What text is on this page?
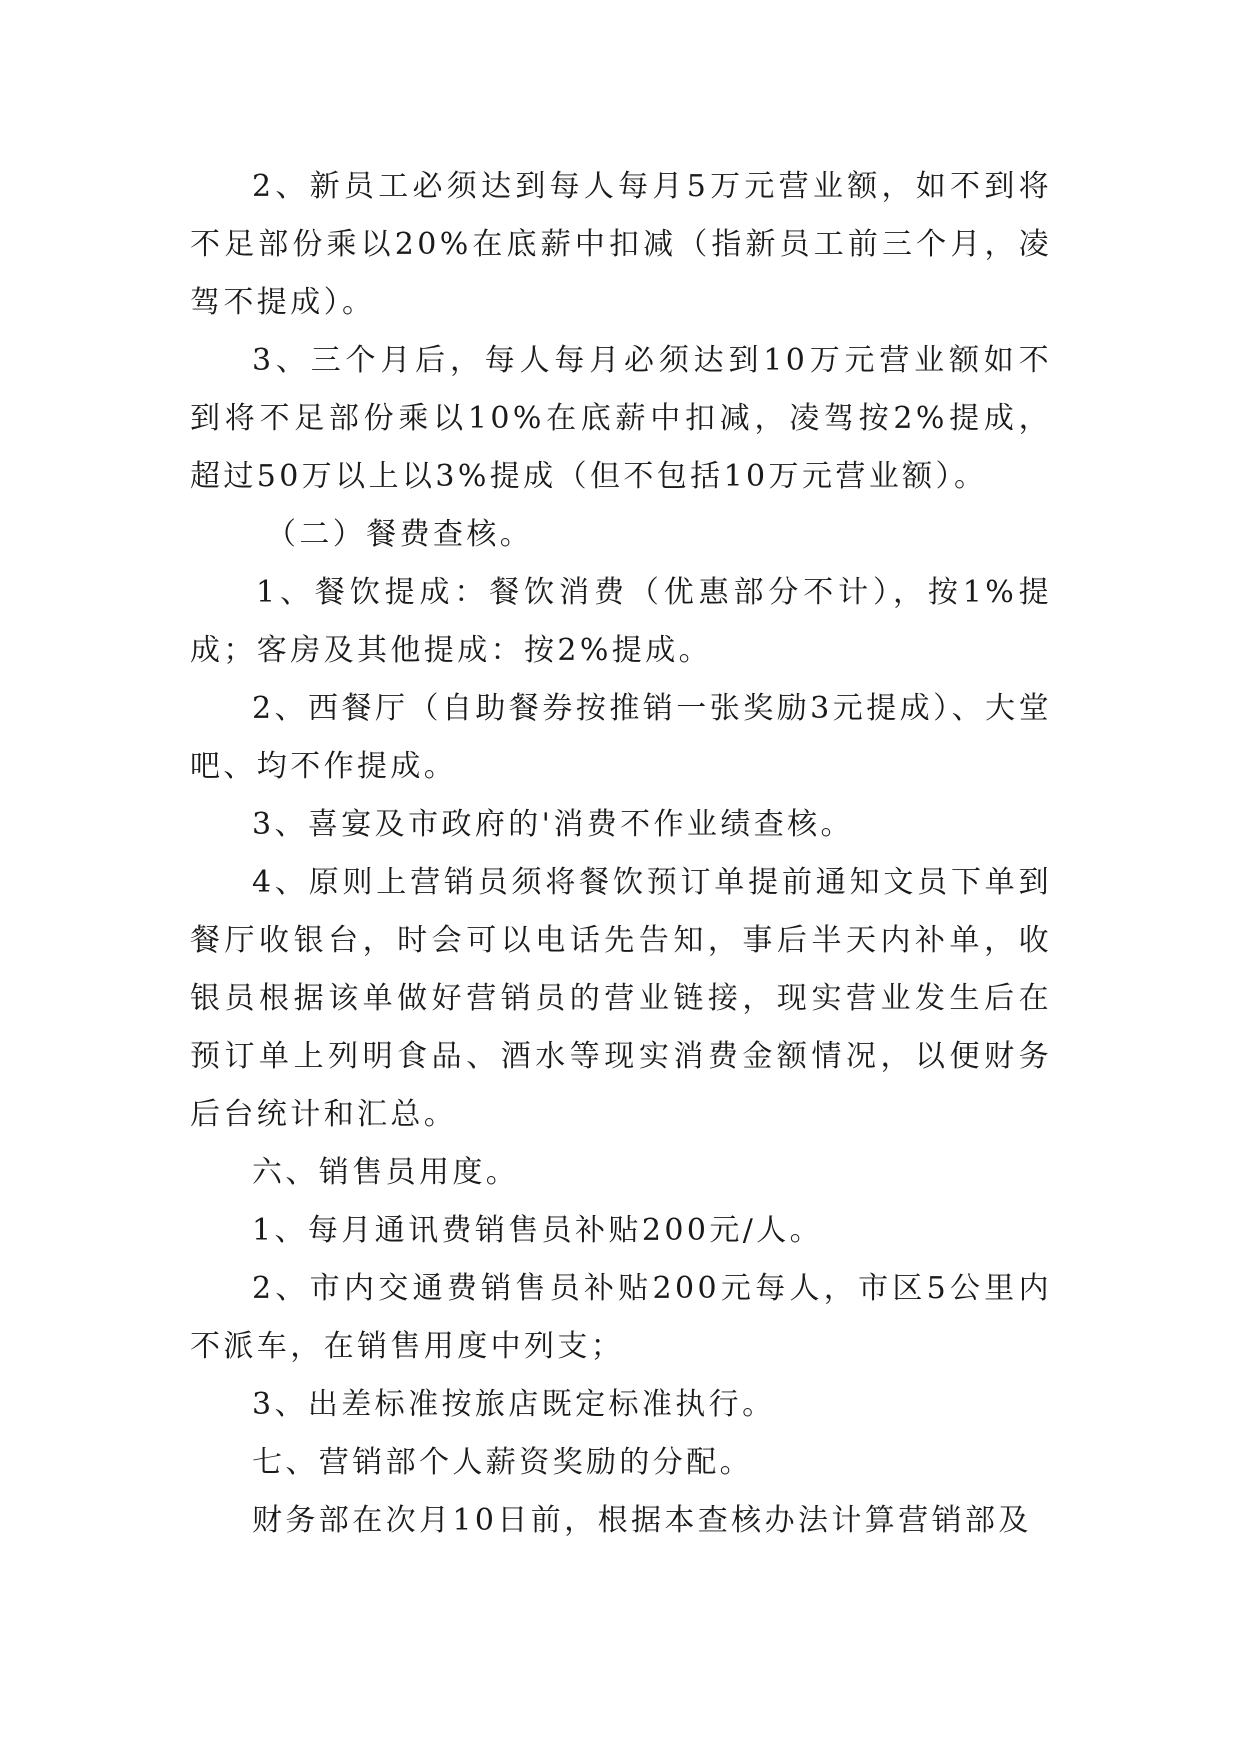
2、新员工必须达到每人每月5万元营业额，如不到将不足部份乘以20%在底薪中扣减（指新员工前三个月，凌驾不提成）。

3、三个月后，每人每月必须达到10万元营业额如不到将不足部份乘以10%在底薪中扣减，凌驾按2%提成，超过50万以上以3%提成（但不包括10万元营业额）。

（二）餐费查核。

1、餐饮提成：餐饮消费（优惠部分不计），按1%提成；客房及其他提成：按2%提成。

2、西餐厅（自助餐券按推销一张奖励3元提成）、大堂吧、均不作提成。

3、喜宴及市政府的'消费不作业绩查核。

4、原则上营销员须将餐饮预订单提前通知文员下单到餐厅收银台，时会可以电话先告知，事后半天内补单，收银员根据该单做好营销员的营业链接，现实营业发生后在预订单上列明食品、酒水等现实消费金额情况，以便财务后台统计和汇总。

六、销售员用度。

1、每月通讯费销售员补贴200元/人。

2、市内交通费销售员补贴200元每人，市区5公里内不派车，在销售用度中列支；

3、出差标准按旅店既定标准执行。

七、营销部个人薪资奖励的分配。

财务部在次月10日前，根据本查核办法计算营销部及
